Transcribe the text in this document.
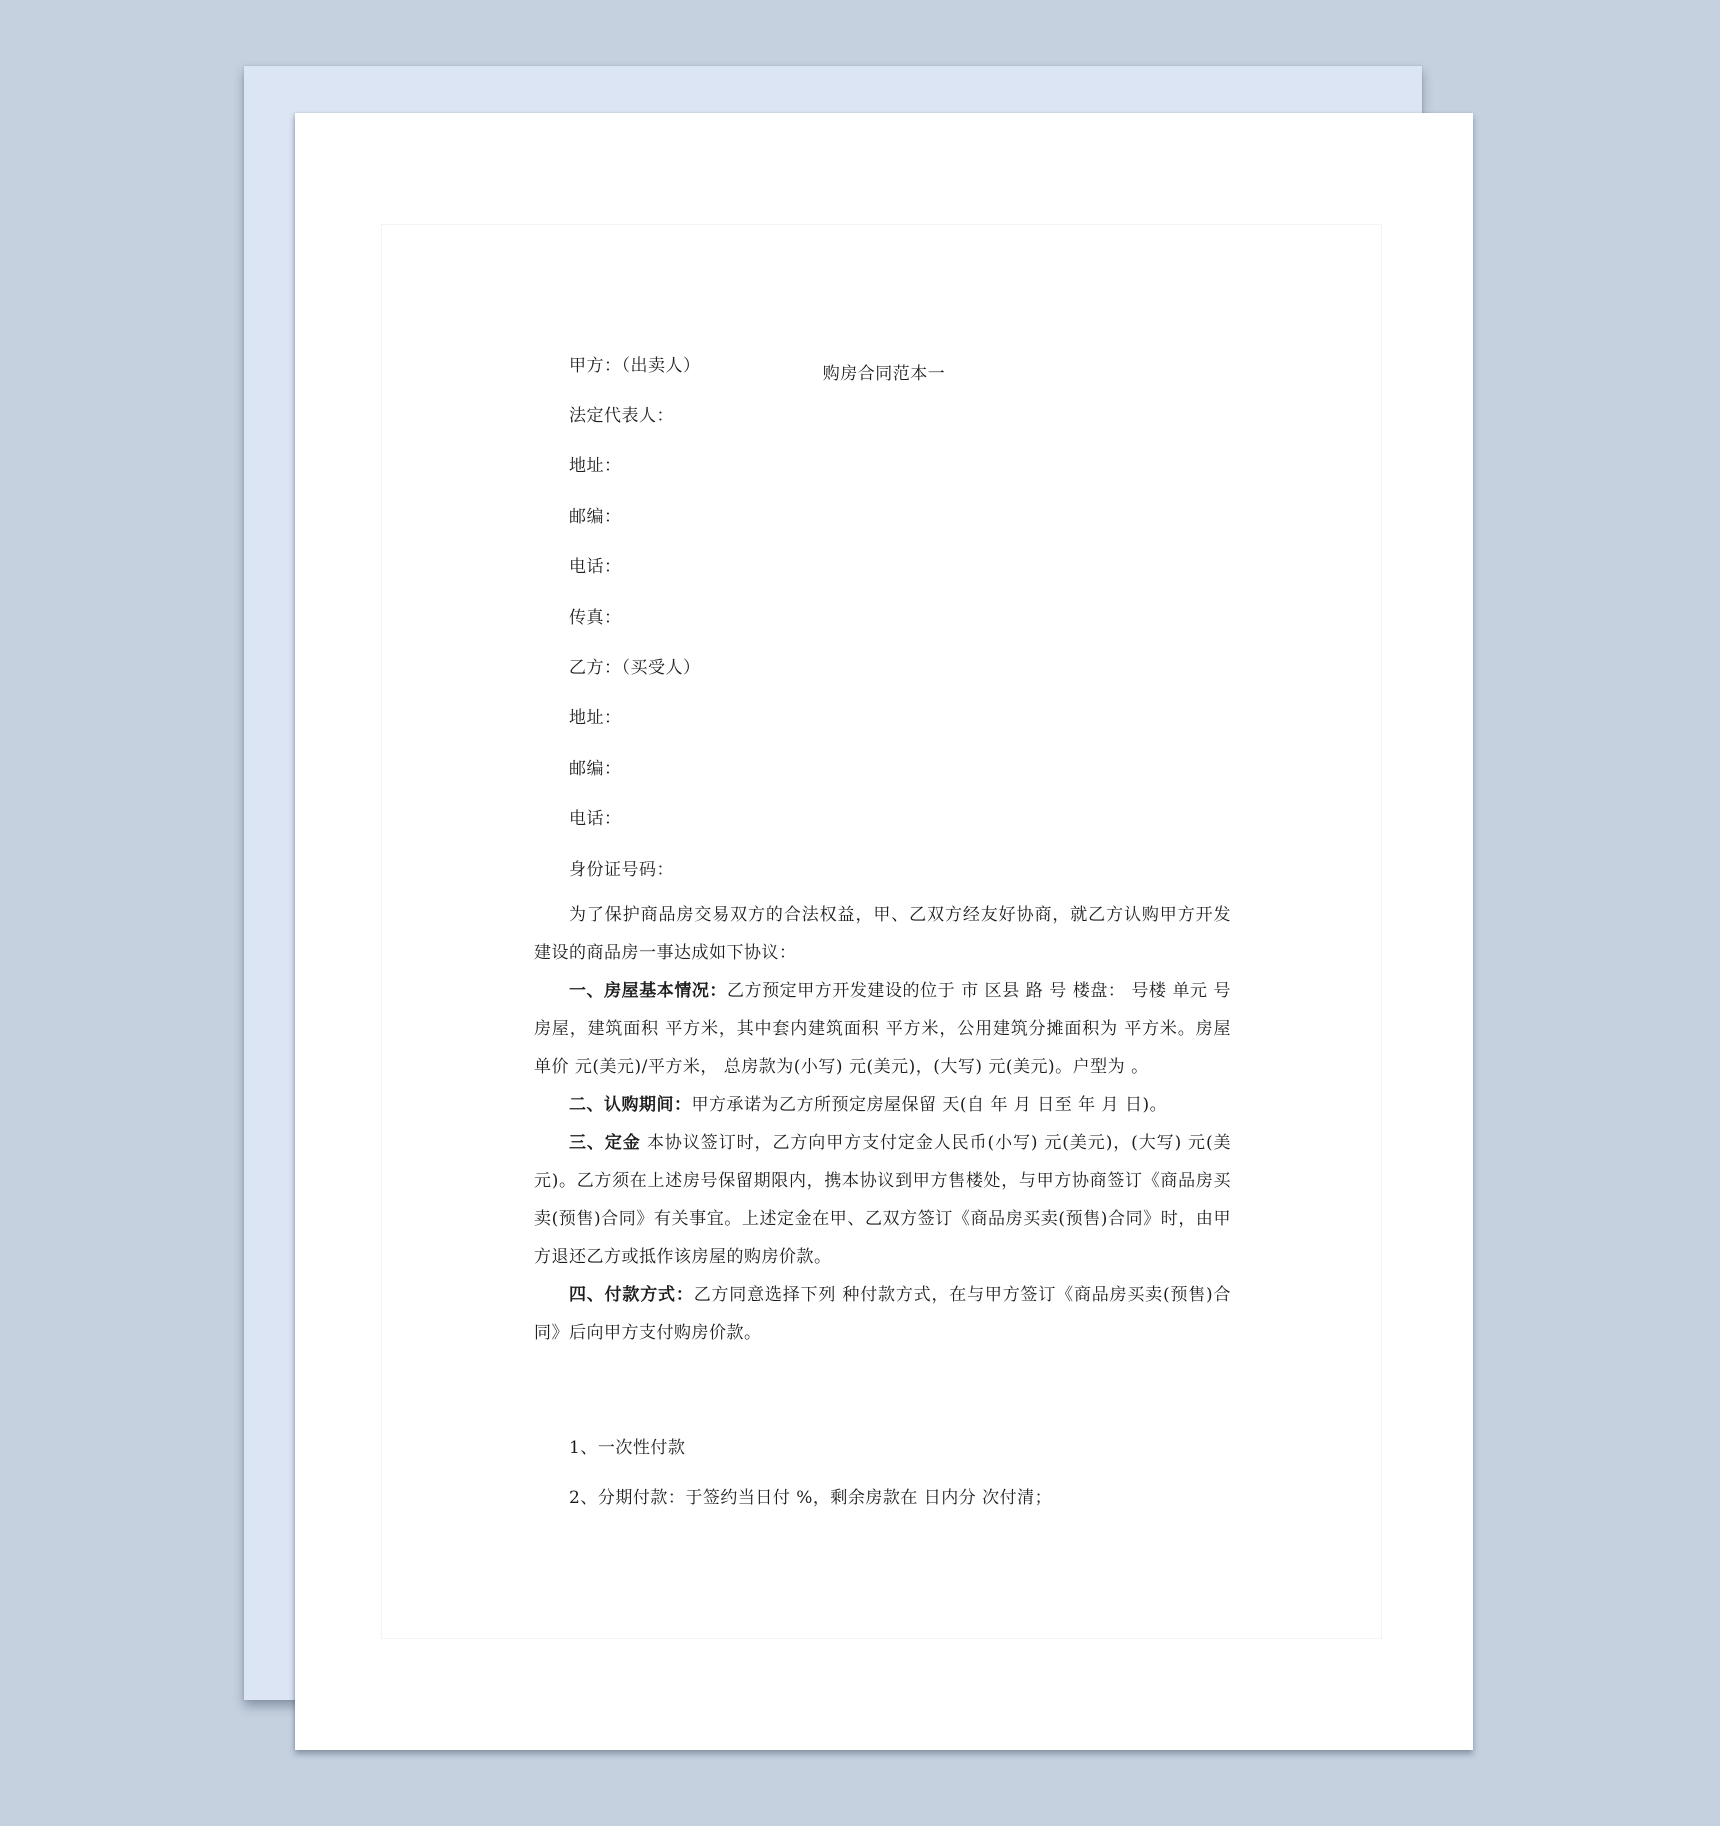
购房合同范本一
甲方：（出卖人）
法定代表人：
地址：
邮编：
电话：
传真：
乙方：（买受人）
地址：
邮编：
电话：
身份证号码：
为了保护商品房交易双方的合法权益，甲、乙双方经友好协商，就乙方认购甲方开发建设的商品房一事达成如下协议：
一、房屋基本情况：乙方预定甲方开发建设的位于 市 区县 路 号 楼盘： 号楼 单元 号房屋，建筑面积 平方米，其中套内建筑面积 平方米，公用建筑分摊面积为 平方米。房屋单价 元(美元)/平方米， 总房款为(小写) 元(美元)，(大写) 元(美元)。户型为 。
二、认购期间：甲方承诺为乙方所预定房屋保留 天(自 年 月 日至 年 月 日)。
三、定金 本协议签订时，乙方向甲方支付定金人民币(小写) 元(美元)，(大写) 元(美元)。乙方须在上述房号保留期限内，携本协议到甲方售楼处，与甲方协商签订《商品房买卖(预售)合同》有关事宜。上述定金在甲、乙双方签订《商品房买卖(预售)合同》时，由甲方退还乙方或抵作该房屋的购房价款。
四、付款方式：乙方同意选择下列 种付款方式，在与甲方签订《商品房买卖(预售)合同》后向甲方支付购房价款。
1、一次性付款
2、分期付款：于签约当日付 %，剩余房款在 日内分 次付清；
